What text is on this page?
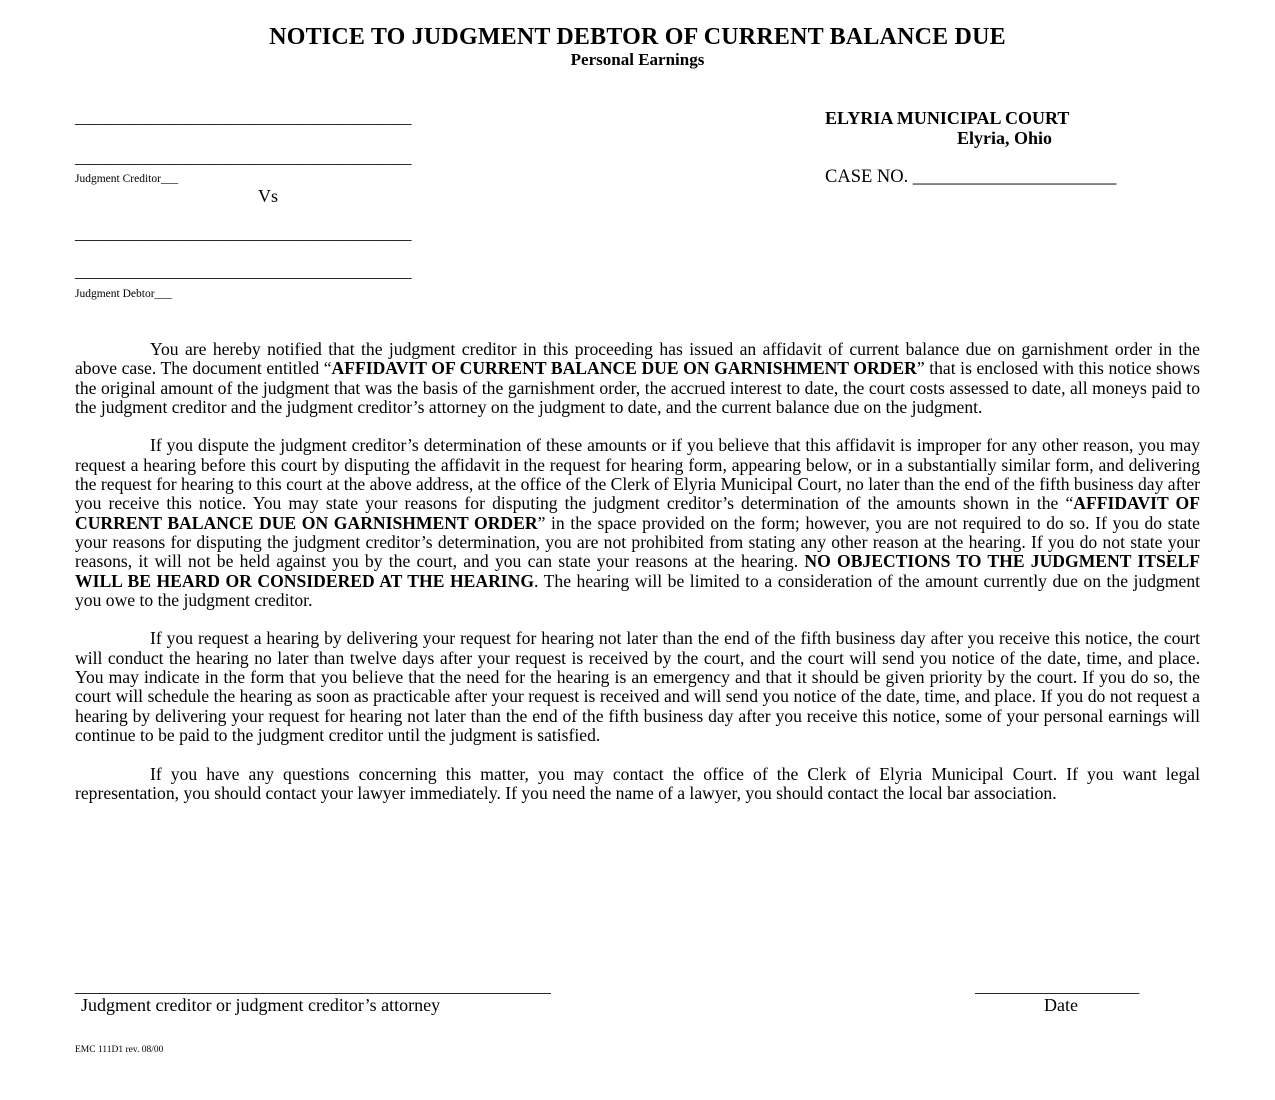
NOTICE TO JUDGMENT DEBTOR OF CURRENT BALANCE DUE
Personal Earnings
_________________________________________
_________________________________________
Judgment Creditor___
Vs
_________________________________________
_________________________________________
Judgment Debtor___
ELYRIA MUNICIPAL COURT
Elyria, Ohio
CASE NO. ______________________

You are hereby notified that the judgment creditor in this proceeding has issued an affidavit of current balance due on garnishment order in the above case. The document entitled “AFFIDAVIT OF CURRENT BALANCE DUE ON GARNISHMENT ORDER” that is enclosed with this notice shows the original amount of the judgment that was the basis of the garnishment order, the accrued interest to date, the court costs assessed to date, all moneys paid to the judgment creditor and the judgment creditor’s attorney on the judgment to date, and the current balance due on the judgment.

If you dispute the judgment creditor’s determination of these amounts or if you believe that this affidavit is improper for any other reason, you may request a hearing before this court by disputing the affidavit in the request for hearing form, appearing below, or in a substantially similar form, and delivering the request for hearing to this court at the above address, at the office of the Clerk of Elyria Municipal Court, no later than the end of the fifth business day after you receive this notice. You may state your reasons for disputing the judgment creditor’s determination of the amounts shown in the “AFFIDAVIT OF CURRENT BALANCE DUE ON GARNISHMENT ORDER” in the space provided on the form; however, you are not required to do so. If you do state your reasons for disputing the judgment creditor’s determination, you are not prohibited from stating any other reason at the hearing. If you do not state your reasons, it will not be held against you by the court, and you can state your reasons at the hearing. NO OBJECTIONS TO THE JUDGMENT ITSELF WILL BE HEARD OR CONSIDERED AT THE HEARING. The hearing will be limited to a consideration of the amount currently due on the judgment you owe to the judgment creditor.

If you request a hearing by delivering your request for hearing not later than the end of the fifth business day after you receive this notice, the court will conduct the hearing no later than twelve days after your request is received by the court, and the court will send you notice of the date, time, and place. You may indicate in the form that you believe that the need for the hearing is an emergency and that it should be given priority by the court. If you do so, the court will schedule the hearing as soon as practicable after your request is received and will send you notice of the date, time, and place. If you do not request a hearing by delivering your request for hearing not later than the end of the fifth business day after you receive this notice, some of your personal earnings will continue to be paid to the judgment creditor until the judgment is satisfied.

If you have any questions concerning this matter, you may contact the office of the Clerk of Elyria Municipal Court. If you want legal representation, you should contact your lawyer immediately. If you need the name of a lawyer, you should contact the local bar association.

__________________________________________________________
Judgment creditor or judgment creditor’s attorney
____________________
Date
EMC 111D1 rev. 08/00
